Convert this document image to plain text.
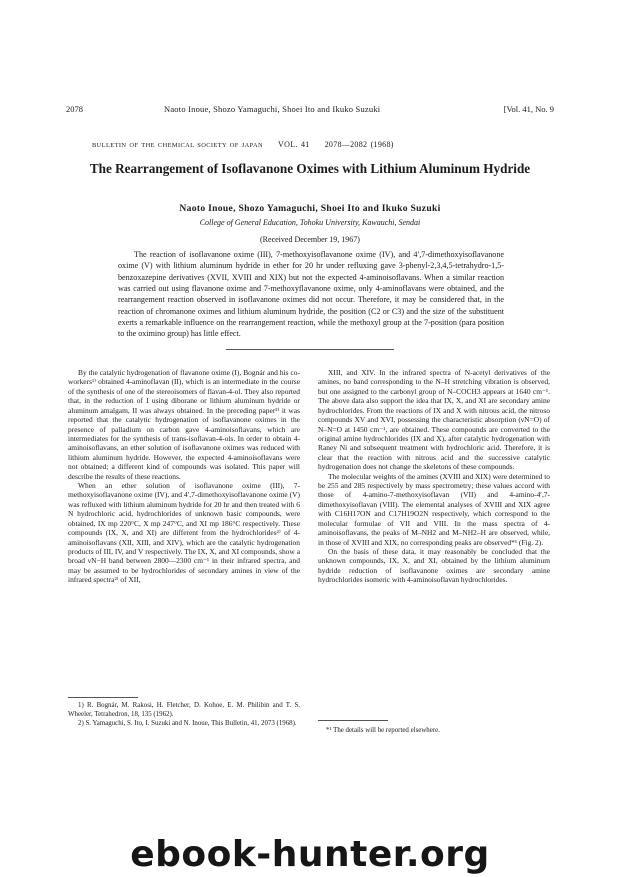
2078	Naoto Inoue, Shozo Yamaguchi, Shoei Ito and Ikuko Suzuki	[Vol. 41, No. 9
BULLETIN OF THE CHEMICAL SOCIETY OF JAPAN VOL. 41 2078—2082 (1968)
The Rearrangement of Isoflavanone Oximes with Lithium Aluminum Hydride
Naoto Inoue, Shozo Yamaguchi, Shoei Ito and Ikuko Suzuki
College of General Education, Tohoku University, Kawauchi, Sendai
(Received December 19, 1967)

The reaction of isoflavanone oxime (III), 7-methoxyisoflavanone oxime (IV), and 4′,7-dimethoxyisoflavanone oxime (V) with lithium aluminum hydride in ether for 20 hr under refluxing gave 3-phenyl-2,3,4,5-tetrahydro-1,5-benzoxazepine derivatives (XVII, XVIII and XIX) but not the expected 4-aminoisoflavans. When a similar reaction was carried out using flavanone oxime and 7-methoxyflavanone oxime, only 4-aminoflavans were obtained, and the rearrangement reaction observed in isoflavanone oximes did not occur. Therefore, it may be considered that, in the reaction of chromanone oximes and lithium aluminum hydride, the position (C2 or C3) and the size of the substituent exerts a remarkable influence on the rearrangement reaction, while the methoxyl group at the 7-position (para position to the oximino group) has little effect.

By the catalytic hydrogenation of flavanone oxime (I), Bognár and his co-workers¹⁾ obtained 4-aminoflavan (II), which is an intermediate in the course of the synthesis of one of the stereoisomers of flavan-4-ol. They also reported that, in the reduction of I using diborane or lithium aluminum hydride or aluminum amalgam, II was always obtained. In the preceding paper²⁾ it was reported that the catalytic hydrogenation of isoflavanone oximes in the presence of palladium on carbon gave 4-aminoisoflavans, which are intermediates for the synthesis of trans-isoflavan-4-ols. In order to obtain 4-aminoisoflavans, an ether solution of isoflavanone oximes was reduced with lithium aluminum hydride. However, the expected 4-aminoisoflavans were not obtained; a different kind of compounds was isolated. This paper will describe the results of these reactions.

When an ether solution of isoflavanone oxime (III), 7-methoxyisoflavanone oxime (IV), and 4′,7-dimethoxyisoflavanone oxime (V) was refluxed with lithium aluminum hydride for 20 hr and then treated with 6 N hydrochloric acid, hydrochlorides of unknown basic compounds, were obtained, IX mp 220°C, X mp 247°C, and XI mp 186°C respectively. These compounds (IX, X, and XI) are different from the hydrochlorides²⁾ of 4-aminoisoflavans (XII, XIII, and XIV), which are the catalytic hydrogenation products of III, IV, and V respectively. The IX, X, and XI compounds, show a broad νN−H band between 2800—2300 cm⁻¹ in their infrared spectra, and may be assumed to be hydrochlorides of secondary amines in view of the infrared spectra²⁾ of XII,

XIII, and XIV. In the infrared spectra of N-acetyl derivatives of the amines, no band corresponding to the N–H stretching vibration is observed, but one assigned to the carbonyl group of N–COCH3 appears at 1640 cm⁻¹. The above data also support the idea that IX, X, and XI are secondary amine hydrochlorides. From the reactions of IX and X with nitrous acid, the nitroso compounds XV and XVI, possessing the characteristic absorption (νN=O) of N–N=O at 1450 cm⁻¹, are obtained. These compounds are converted to the original amine hydrochlorides (IX and X), after catalytic hydrogenation with Raney Ni and subsequent treatment with hydrochloric acid. Therefore, it is clear that the reaction with nitrous acid and the successive catalytic hydrogenation does not change the skeletons of these compounds.

The molecular weights of the amines (XVIII and XIX) were determined to be 255 and 285 respectively by mass spectrometry; these values accord with those of 4-amino-7-methoxyisoflavan (VII) and 4-amino-4′,7-dimethoxyisoflavan (VIII). The elemental analyses of XVIII and XIX agree with C16H17ON and C17H19O2N respectively, which correspond to the molecular formulae of VII and VIII. In the mass spectra of 4-aminoisoflavans, the peaks of M–NH2 and M–NH2–H are observed, while, in those of XVIII and XIX, no corresponding peaks are observed*¹ (Fig. 2).

On the basis of these data, it may reasonably be concluded that the unknown compounds, IX, X, and XI, obtained by the lithium aluminum hydride reduction of isoflavanone oximes are secondary amine hydrochlorides isomeric with 4-aminoisoflavan hydrochlorides.

1) R. Bognár, M. Rakosi, H. Fletcher, D. Kohoe, E. M. Philibin and T. S. Wheeler, Tetrahedron, 18, 135 (1962).

2) S. Yamaguchi, S. Ito, I. Suzuki and N. Inoue, This Bulletin, 41, 2073 (1968).

*¹ The details will be reported elsewhere.
ebook-hunter.org
